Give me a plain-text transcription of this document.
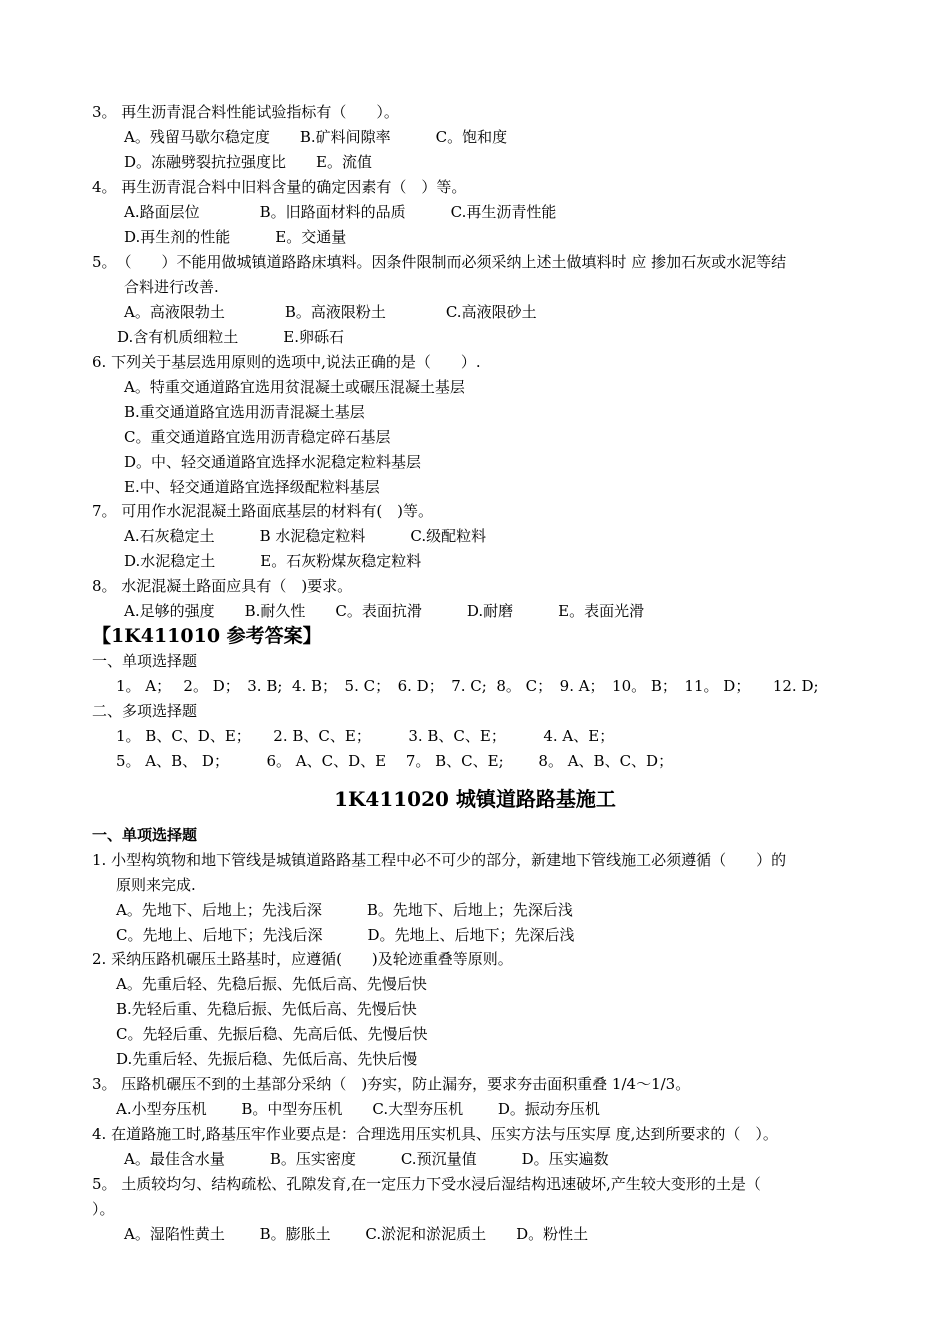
3。 再生沥青混合料性能试验指标有（　　）。
A。残留马歇尔稳定度　　B.矿料间隙率　　　C。饱和度
D。冻融劈裂抗拉强度比　　E。流值
4。 再生沥青混合料中旧料含量的确定因素有（　）等。
A.路面层位　　　　B。旧路面材料的品质　　　C.再生沥青性能
D.再生剂的性能　　　E。交通量
5。　（　　）不能用做城镇道路路床填料。因条件限制而必须采纳上述土做填料时 应 掺加石灰或水泥等结
合料进行改善.
A。高液限勃土　　　　B。高液限粉土　　　　C.高液限砂土
D.含有机质细粒土　　　E.卵砾石
6. 下列关于基层选用原则的选项中,说法正确的是（　　）.
A。特重交通道路宜选用贫混凝土或碾压混凝土基层
B.重交通道路宜选用沥青混凝土基层
C。重交通道路宜选用沥青稳定碎石基层
D。中、轻交通道路宜选择水泥稳定粒料基层
E.中、轻交通道路宜选择级配粒料基层
7。 可用作水泥混凝土路面底基层的材料有(　)等。
A.石灰稳定土　　　B 水泥稳定粒料　　　C.级配粒料
D.水泥稳定土　　　E。石灰粉煤灰稳定粒料
8。 水泥混凝土路面应具有（　)要求。
A.足够的强度　　B.耐久性　　C。表面抗滑　　　D.耐磨　　　E。表面光滑
【1K411010 参考答案】
一、单项选择题
1。 A；　 2。 D；　3. B;  4. B；　5. C；　6. D；　7. C;  8。 C；　9. A；　10。 B；　11。 D；　　12. D;
二、多项选择题
1。 B、C、D、E；　　2. B、C、E；　　　3. B、C、E；　　　4. A、E；
5。 A、B、 D；　　　6。 A、C、D、E　 7。 B、C、E;　　 8。 A、B、C、D；
1K411020 城镇道路路基施工
一、单项选择题
1. 小型构筑物和地下管线是城镇道路路基工程中必不可少的部分，新建地下管线施工必须遵循（　　）的
原则来完成.
A。先地下、后地上；先浅后深　　　B。先地下、后地上；先深后浅
C。先地上、后地下；先浅后深　　　D。先地上、后地下；先深后浅
2. 采纳压路机碾压土路基时，应遵循(　　)及轮迹重叠等原则。
A。先重后轻、先稳后振、先低后高、先慢后快
B.先轻后重、先稳后振、先低后高、先慢后快
C。先轻后重、先振后稳、先高后低、先慢后快
D.先重后轻、先振后稳、先低后高、先快后慢
3。 压路机碾压不到的土基部分采纳（　)夯实，防止漏夯，要求夯击面积重叠 1/4～1/3。
A.小型夯压机　　 B。中型夯压机　　C.大型夯压机　　 D。振动夯压机
4. 在道路施工时,路基压牢作业要点是：合理选用压实机具、压实方法与压实厚 度,达到所要求的（　）。
A。最佳含水量　　　B。压实密度　　　C.预沉量值　　　D。压实遍数
5。 土质较均匀、结构疏松、孔隙发育,在一定压力下受水浸后湿结构迅速破坏,产生较大变形的土是（
）。
A。湿陷性黄土　　 B。膨胀土　　 C.淤泥和淤泥质土　　D。粉性土
